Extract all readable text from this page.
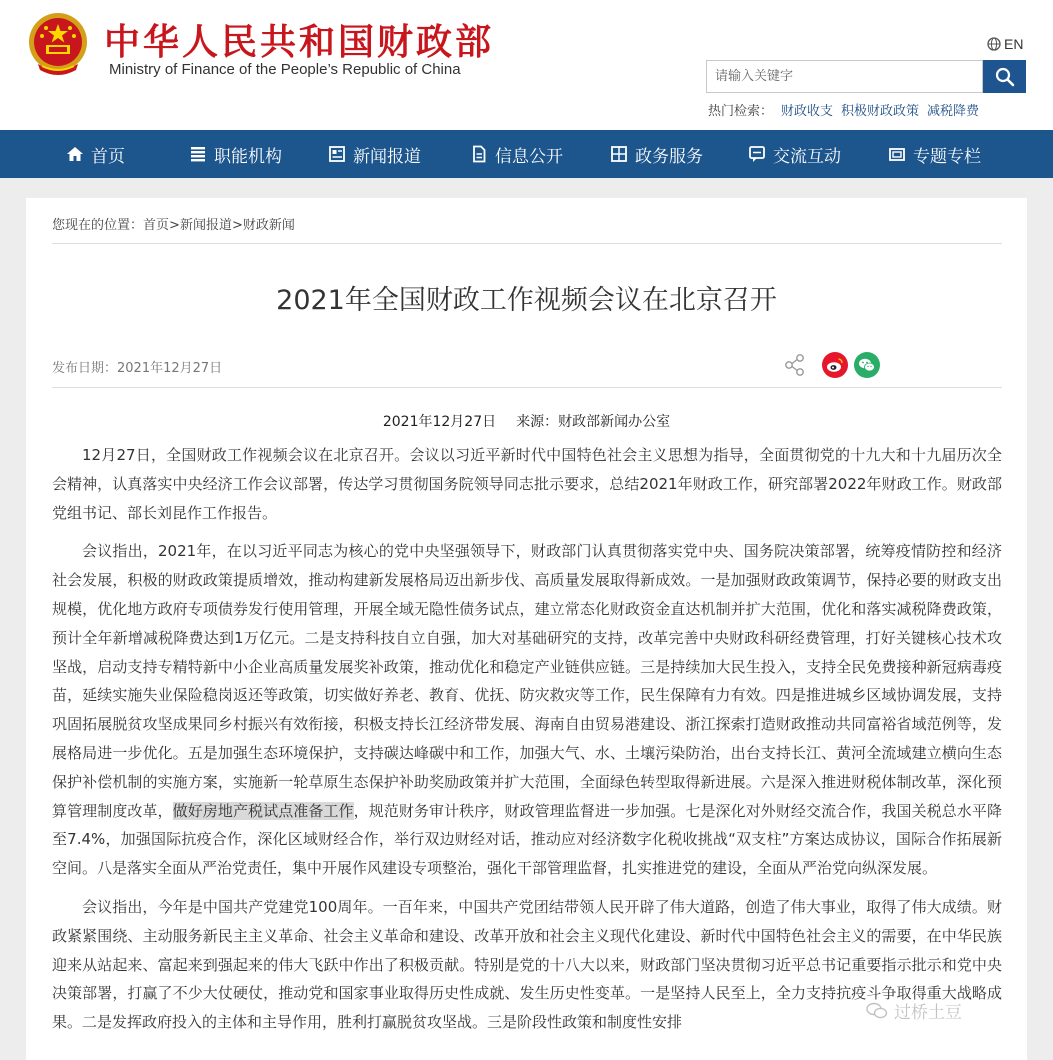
中华人民共和国财政部
Ministry of Finance of the People’s Republic of China
EN
请输入关键字
热门检索： 财政收支 积极财政政策 减税降费
首页	职能机构	新闻报道	信息公开	政务服务	交流互动	专题专栏
您现在的位置：首页>新闻报道>财政新闻
2021年全国财政工作视频会议在北京召开
发布日期：2021年12月27日
2021年12月27日 来源：财政部新闻办公室

12月27日，全国财政工作视频会议在北京召开。会议以习近平新时代中国特色社会主义思想为指导，全面贯彻党的十九大和十九届历次全会精神，认真落实中央经济工作会议部署，传达学习贯彻国务院领导同志批示要求，总结2021年财政工作，研究部署2022年财政工作。财政部党组书记、部长刘昆作工作报告。

会议指出，2021年，在以习近平同志为核心的党中央坚强领导下，财政部门认真贯彻落实党中央、国务院决策部署，统筹疫情防控和经济社会发展，积极的财政政策提质增效，推动构建新发展格局迈出新步伐、高质量发展取得新成效。一是加强财政政策调节，保持必要的财政支出规模，优化地方政府专项债券发行使用管理，开展全域无隐性债务试点，建立常态化财政资金直达机制并扩大范围，优化和落实减税降费政策，预计全年新增减税降费达到1万亿元。二是支持科技自立自强，加大对基础研究的支持，改革完善中央财政科研经费管理，打好关键核心技术攻坚战，启动支持专精特新中小企业高质量发展奖补政策，推动优化和稳定产业链供应链。三是持续加大民生投入，支持全民免费接种新冠病毒疫苗，延续实施失业保险稳岗返还等政策，切实做好养老、教育、优抚、防灾救灾等工作，民生保障有力有效。四是推进城乡区域协调发展，支持巩固拓展脱贫攻坚成果同乡村振兴有效衔接，积极支持长江经济带发展、海南自由贸易港建设、浙江探索打造财政推动共同富裕省域范例等，发展格局进一步优化。五是加强生态环境保护，支持碳达峰碳中和工作，加强大气、水、土壤污染防治，出台支持长江、黄河全流域建立横向生态保护补偿机制的实施方案，实施新一轮草原生态保护补助奖励政策并扩大范围，全面绿色转型取得新进展。六是深入推进财税体制改革，深化预算管理制度改革，做好房地产税试点准备工作，规范财务审计秩序，财政管理监督进一步加强。七是深化对外财经交流合作，我国关税总水平降至7.4%，加强国际抗疫合作，深化区域财经合作，举行双边财经对话，推动应对经济数字化税收挑战“双支柱”方案达成协议，国际合作拓展新空间。八是落实全面从严治党责任，集中开展作风建设专项整治，强化干部管理监督，扎实推进党的建设，全面从严治党向纵深发展。

会议指出，今年是中国共产党建党100周年。一百年来，中国共产党团结带领人民开辟了伟大道路，创造了伟大事业，取得了伟大成绩。财政紧紧围绕、主动服务新民主主义革命、社会主义革命和建设、改革开放和社会主义现代化建设、新时代中国特色社会主义的需要，在中华民族迎来从站起来、富起来到强起来的伟大飞跃中作出了积极贡献。特别是党的十八大以来，财政部门坚决贯彻习近平总书记重要指示批示和党中央决策部署，打赢了不少大仗硬仗，推动党和国家事业取得历史性成就、发生历史性变革。一是坚持人民至上，全力支持抗疫斗争取得重大战略成果。二是发挥政府投入的主体和主导作用，胜利打赢脱贫攻坚战。三是阶段性政策和制度性安排	过桥土豆
